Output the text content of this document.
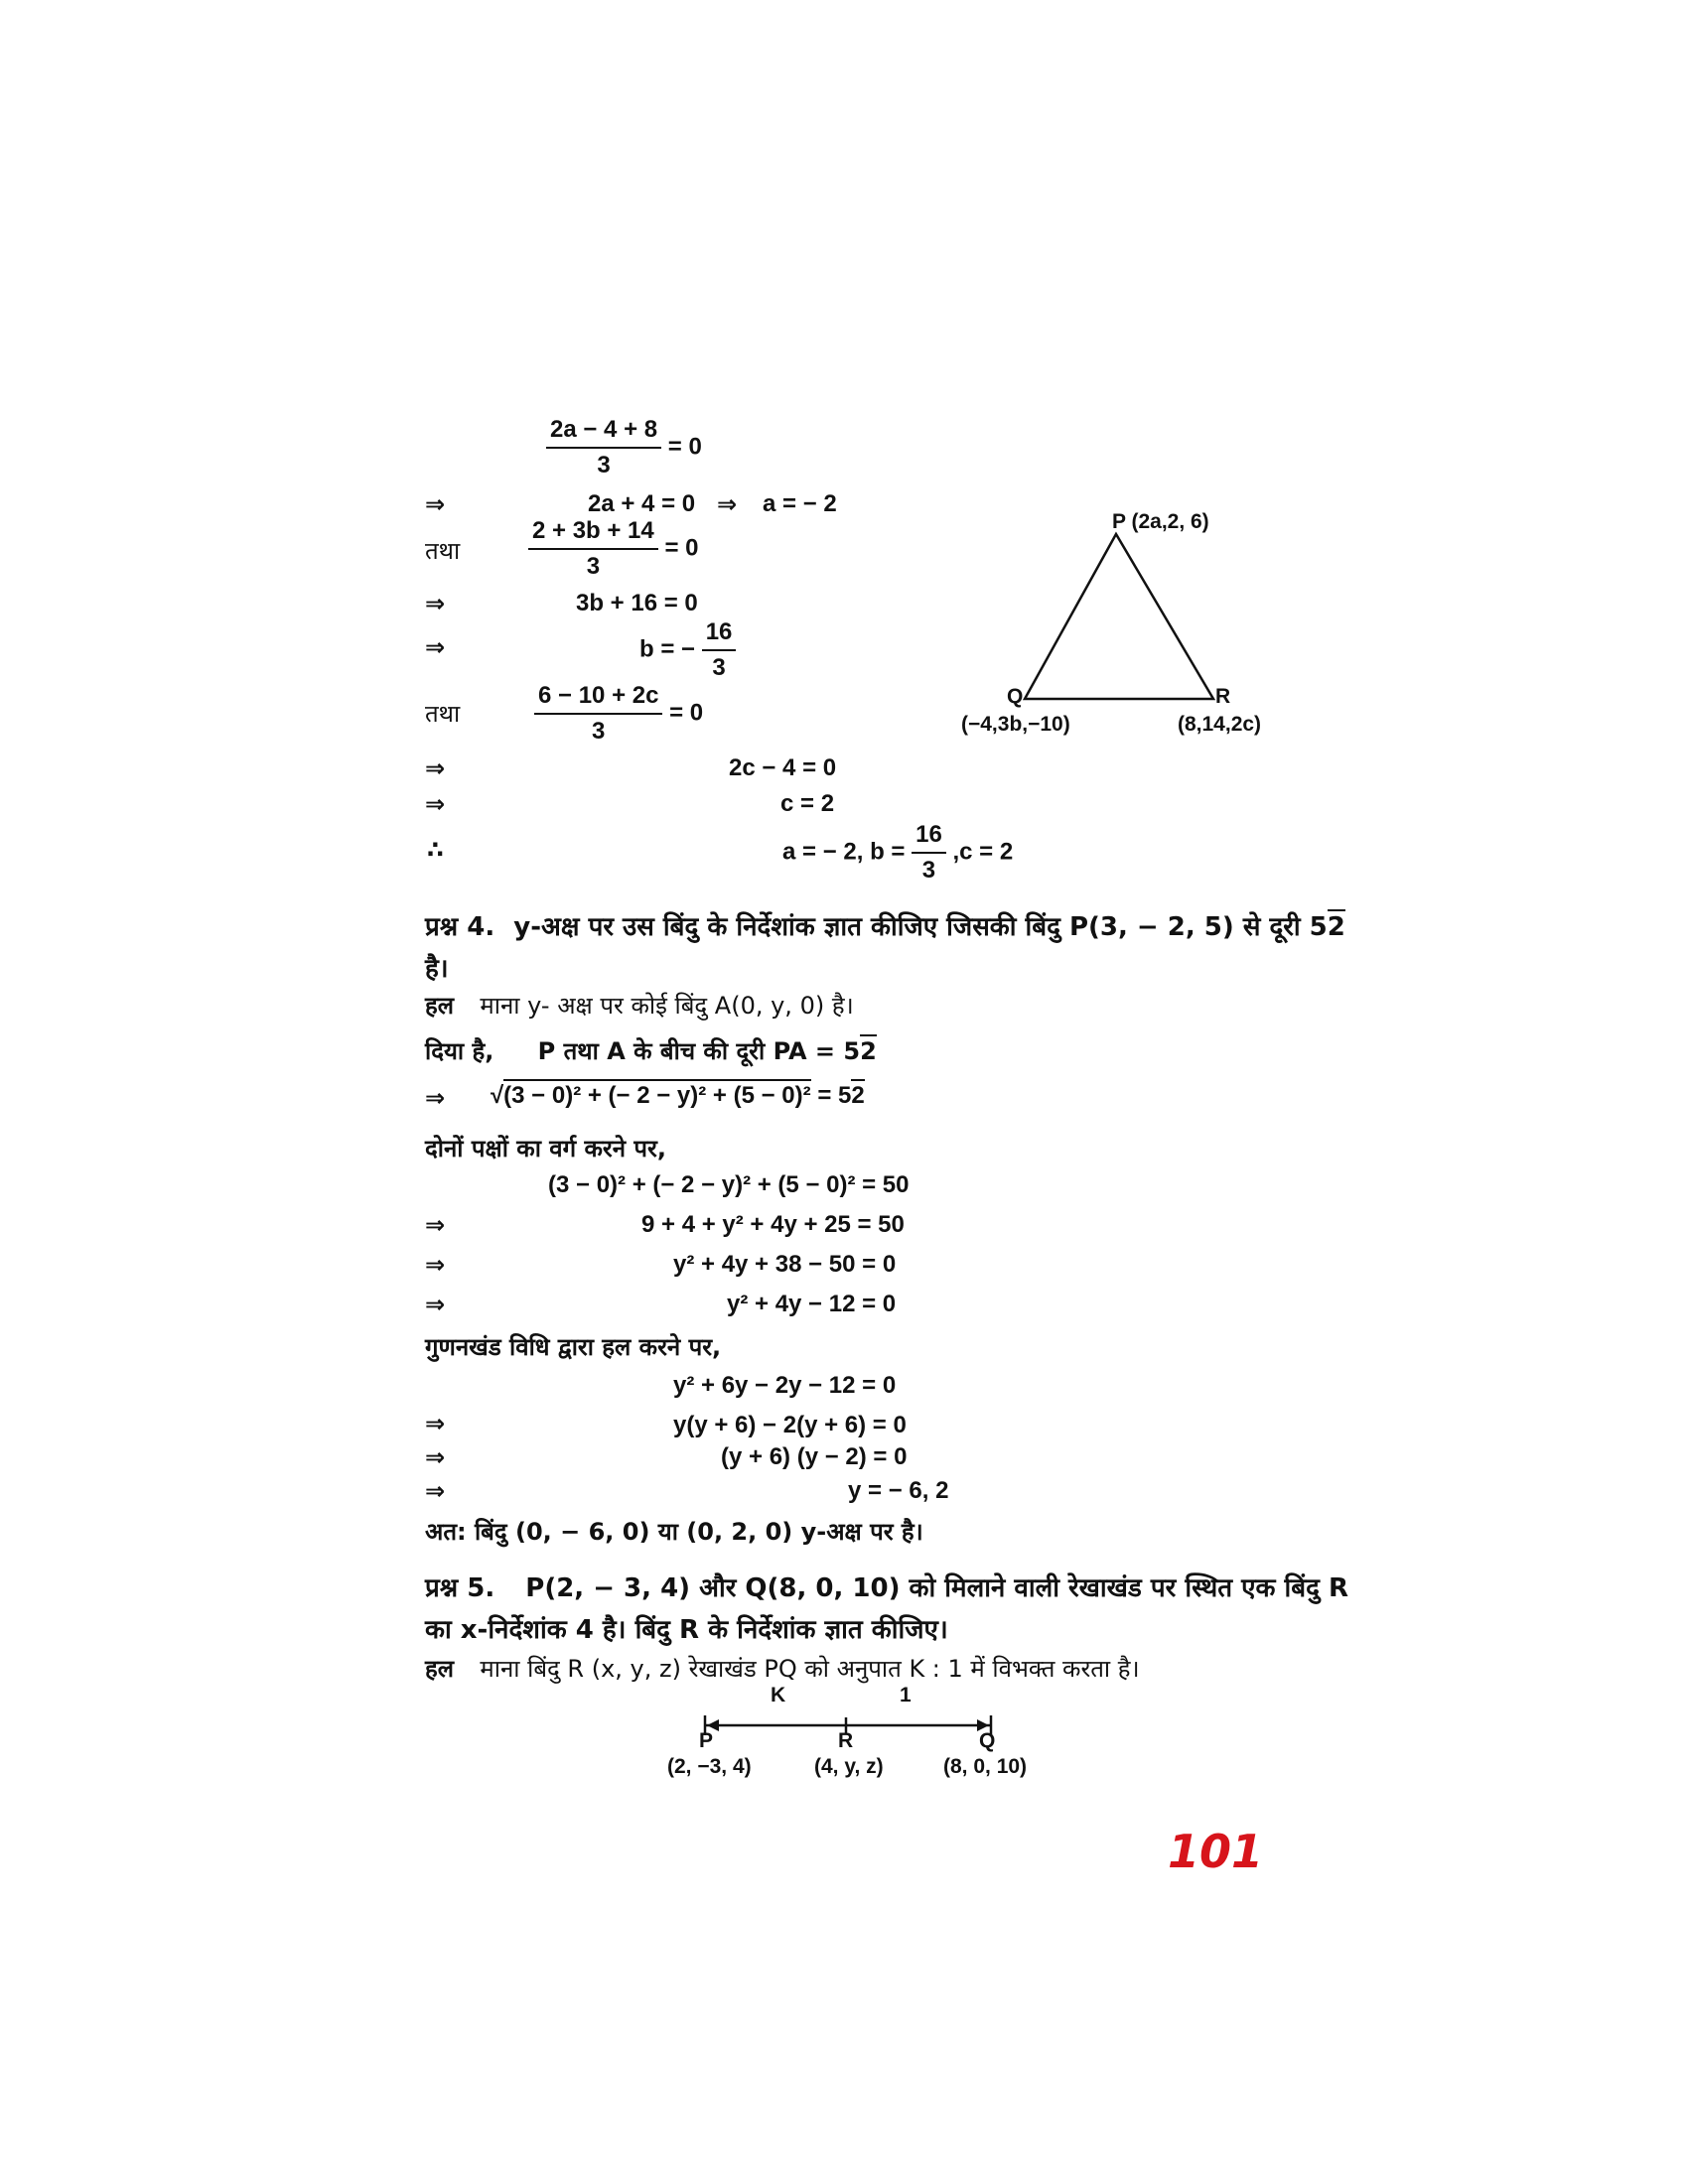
$\frac{2a - 4 + 8}{3} = 0$
⇒	2a + 4 = 0 ⇒ a = − 2
तथा	$\frac{2 + 3b + 14}{3} = 0$
⇒	3b + 16 = 0
⇒	b = − $\frac{16}{3}$
तथा	$\frac{6 - 10 + 2c}{3} = 0$
⇒	2c − 4 = 0
⇒	c = 2
∴	a = − 2, $b = \frac{16}{3} ,c = 2$
P (2a,2, 6)
Q
(−4,3b,−10)
R
(8,14,2c)
प्रश्न 4. y-अक्ष पर उस बिंदु के निर्देशांक ज्ञात कीजिए जिसकी बिंदु P(3, − 2, 5) से दूरी 52
है।
हल माना y- अक्ष पर कोई बिंदु A(0, y, 0) है।
दिया है, P तथा A के बीच की दूरी PA = 52
⇒ √(3 − 0)² + (− 2 − y)² + (5 − 0)² = 52
दोनों पक्षों का वर्ग करने पर,
(3 − 0)² + (− 2 − y)² + (5 − 0)² = 50
⇒	9 + 4 + y² + 4y + 25 = 50
⇒	y² + 4y + 38 − 50 = 0
⇒	y² + 4y − 12 = 0
गुणनखंड विधि द्वारा हल करने पर,
y² + 6y − 2y − 12 = 0
⇒	y(y + 6) − 2(y + 6) = 0
⇒	(y + 6) (y − 2) = 0
⇒	y = − 6, 2
अत: बिंदु (0, − 6, 0) या (0, 2, 0) y-अक्ष पर है।
प्रश्न 5. P(2, − 3, 4) और Q(8, 0, 10) को मिलाने वाली रेखाखंड पर स्थित एक बिंदु R
का x-निर्देशांक 4 है। बिंदु R के निर्देशांक ज्ञात कीजिए।
हल माना बिंदु R (x, y, z) रेखाखंड PQ को अनुपात K : 1 में विभक्त करता है।
K	1
P	R	Q
(2, −3, 4)	(4, y, z)	(8, 0, 10)
101
